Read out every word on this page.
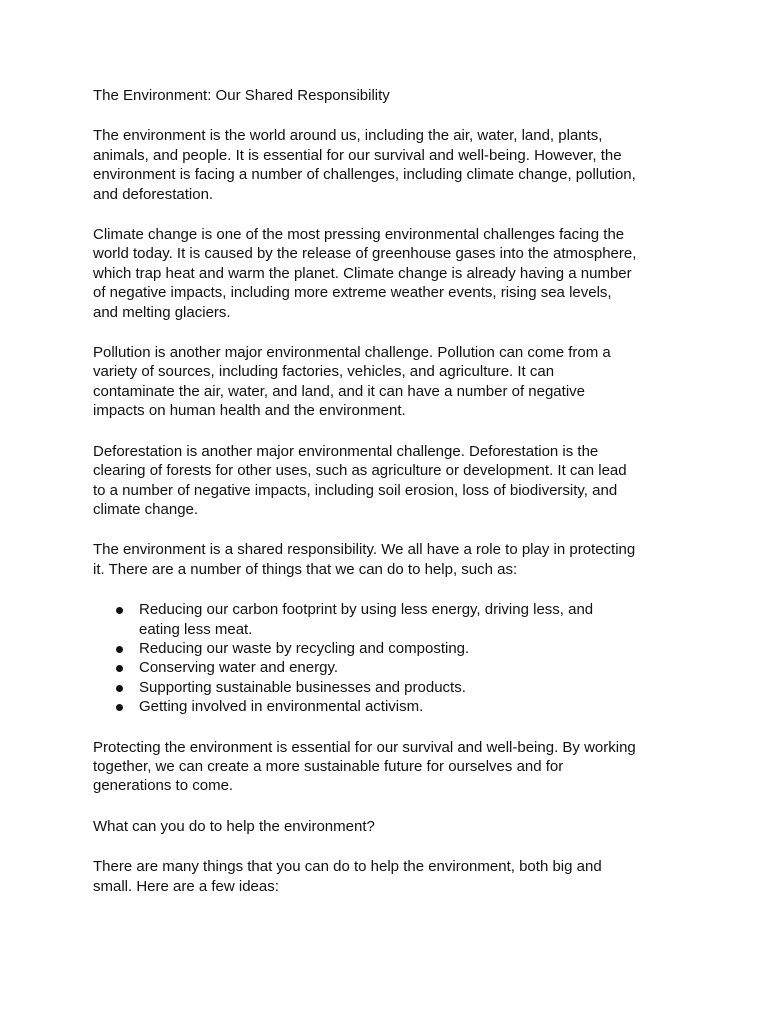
The Environment: Our Shared Responsibility

The environment is the world around us, including the air, water, land, plants, animals, and people. It is essential for our survival and well-being. However, the environment is facing a number of challenges, including climate change, pollution, and deforestation.

Climate change is one of the most pressing environmental challenges facing the world today. It is caused by the release of greenhouse gases into the atmosphere, which trap heat and warm the planet. Climate change is already having a number of negative impacts, including more extreme weather events, rising sea levels, and melting glaciers.

Pollution is another major environmental challenge. Pollution can come from a variety of sources, including factories, vehicles, and agriculture. It can contaminate the air, water, and land, and it can have a number of negative impacts on human health and the environment.

Deforestation is another major environmental challenge. Deforestation is the clearing of forests for other uses, such as agriculture or development. It can lead to a number of negative impacts, including soil erosion, loss of biodiversity, and climate change.

The environment is a shared responsibility. We all have a role to play in protecting it. There are a number of things that we can do to help, such as:

Reducing our carbon footprint by using less energy, driving less, and eating less meat.
Reducing our waste by recycling and composting.
Conserving water and energy.
Supporting sustainable businesses and products.
Getting involved in environmental activism.

Protecting the environment is essential for our survival and well-being. By working together, we can create a more sustainable future for ourselves and for generations to come.

What can you do to help the environment?

There are many things that you can do to help the environment, both big and small. Here are a few ideas:
